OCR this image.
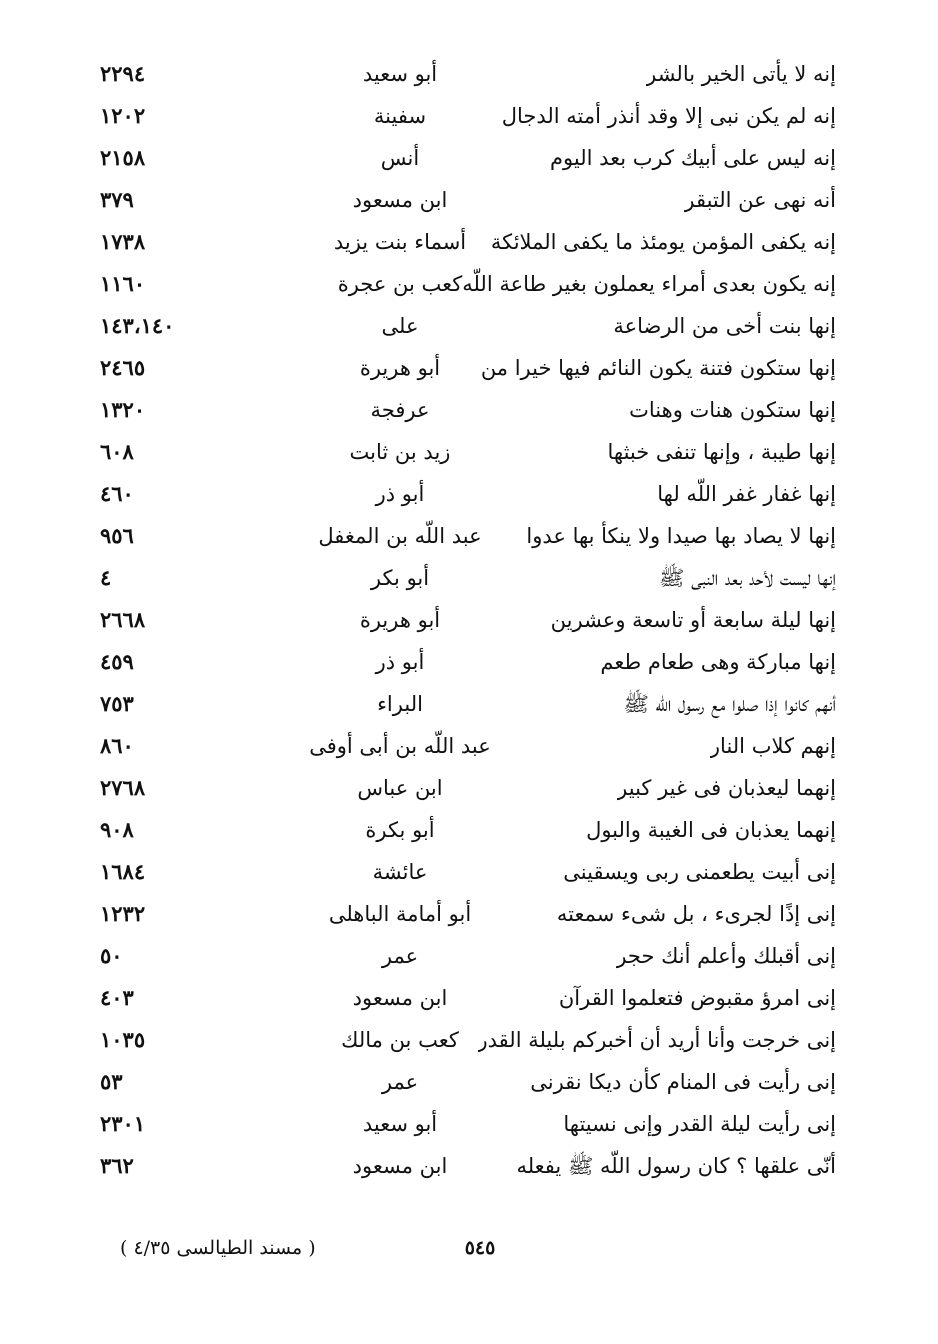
إنه لا يأتى الخير بالشر
أبو سعيد
٢٢٩٤
إنه لم يكن نبى إلا وقد أنذر أمته الدجال
سفينة
١٢٠٢
إنه ليس على أبيك كرب بعد اليوم
أنس
٢١٥٨
أنه نهى عن التبقر
ابن مسعود
٣٧٩
إنه يكفى المؤمن يومئذ ما يكفى الملائكة
أسماء بنت يزيد
١٧٣٨
إنه يكون بعدى أمراء يعملون بغير طاعة اللّه
كعب بن عجرة
١١٦٠
إنها بنت أخى من الرضاعة
على
١٤٣،١٤٠
إنها ستكون فتنة يكون النائم فيها خيرا من
أبو هريرة
٢٤٦٥
إنها ستكون هنات وهنات
عرفجة
١٣٢٠
إنها طيبة ، وإنها تنفى خبثها
زيد بن ثابت
٦٠٨
إنها غفار غفر اللّه لها
أبو ذر
٤٦٠
إنها لا يصاد بها صيدا ولا ينكأ بها عدوا
عبد اللّه بن المغفل
٩٥٦
إنها ليست لأحد بعد النبى ﷺ
أبو بكر
٤
إنها ليلة سابعة أو تاسعة وعشرين
أبو هريرة
٢٦٦٨
إنها مباركة وهى طعام طعم
أبو ذر
٤٥٩
أنهم كانوا إذا صلوا مع رسول اللّه ﷺ
البراء
٧٥٣
إنهم كلاب النار
عبد اللّه بن أبى أوفى
٨٦٠
إنهما ليعذبان فى غير كبير
ابن عباس
٢٧٦٨
إنهما يعذبان فى الغيبة والبول
أبو بكرة
٩٠٨
إنى أبيت يطعمنى ربى ويسقينى
عائشة
١٦٨٤
إنى إذًا لجرىء ، بل شىء سمعته
أبو أمامة الباهلى
١٢٣٢
إنى أقبلك وأعلم أنك حجر
عمر
٥٠
إنى امرؤ مقبوض فتعلموا القرآن
ابن مسعود
٤٠٣
إنى خرجت وأنا أريد أن أخبركم بليلة القدر
كعب بن مالك
١٠٣٥
إنى رأيت فى المنام كأن ديكا نقرنى
عمر
٥٣
إنى رأيت ليلة القدر وإنى نسيتها
أبو سعيد
٢٣٠١
أنّى علقها ؟ كان رسول اللّه ﷺ يفعله
ابن مسعود
٣٦٢
٥٤٥
( مسند الطيالسى ٤/٣٥ )
